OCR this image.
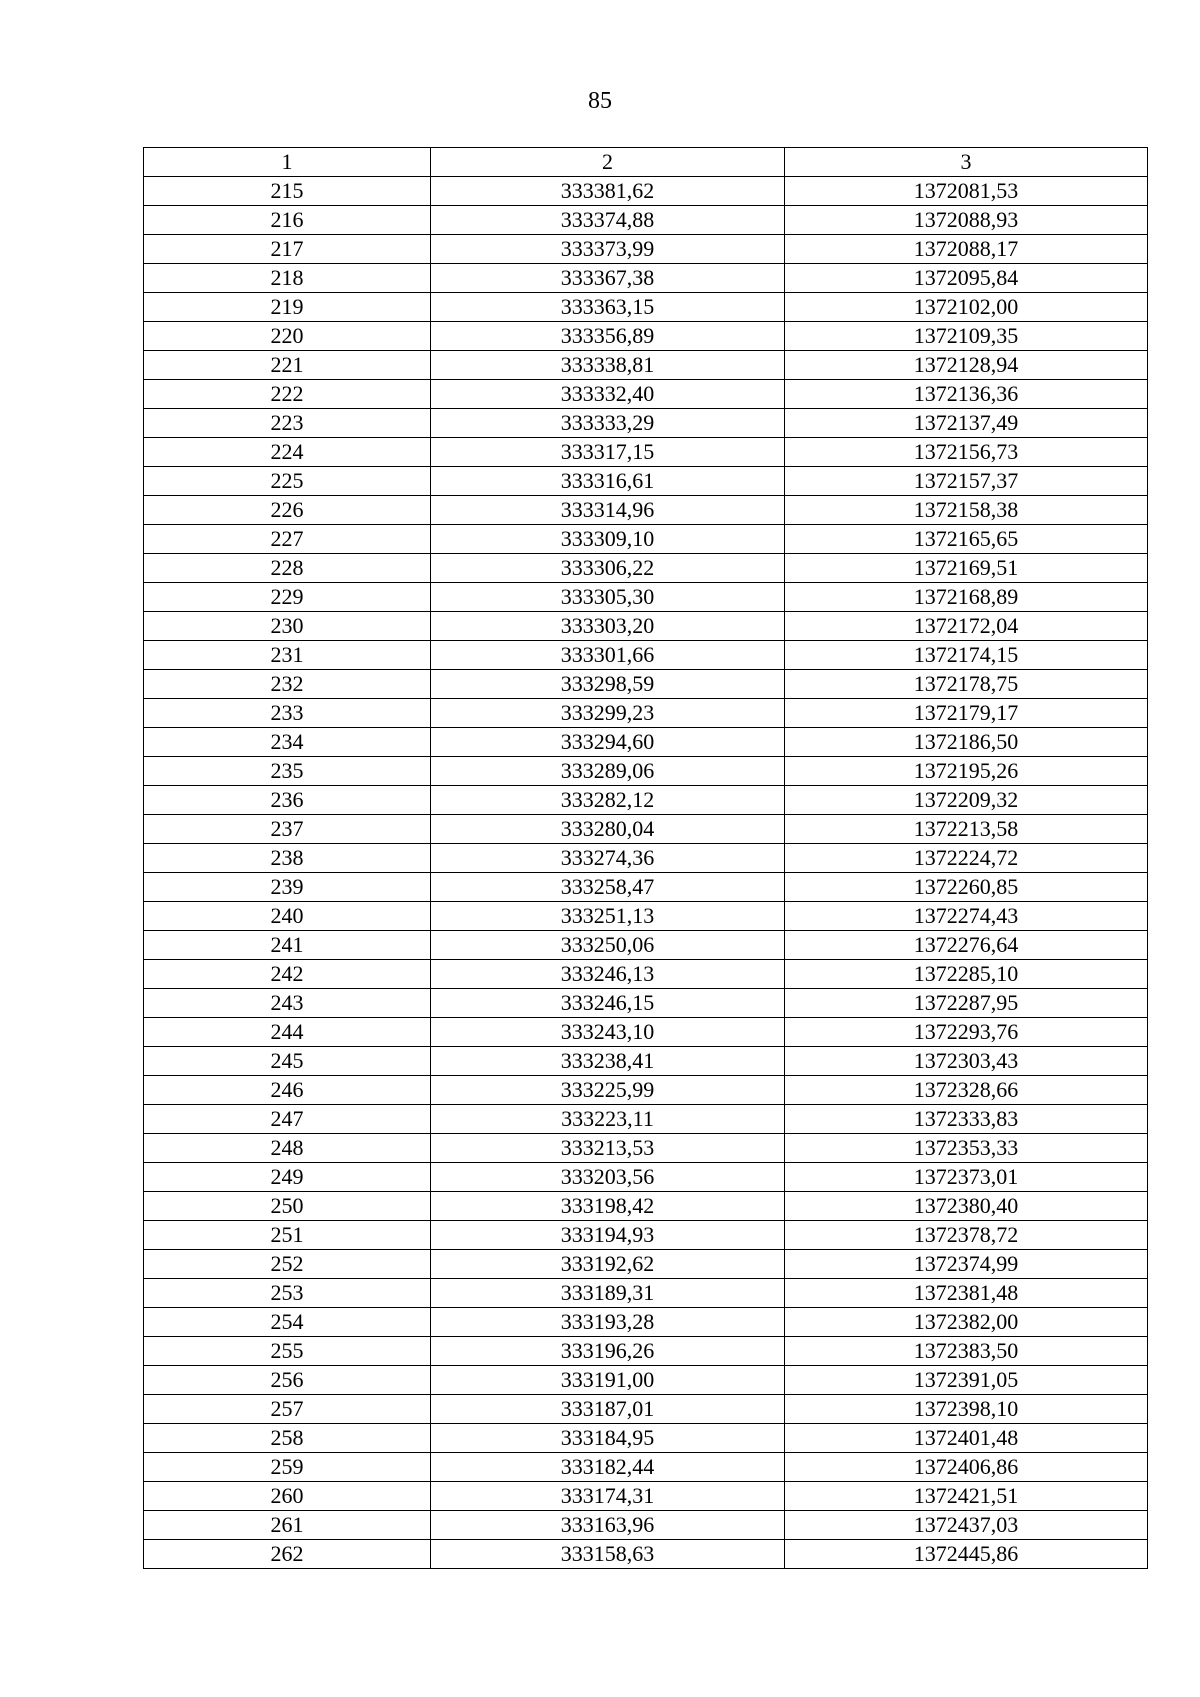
85
1	2	3
215	333381,62	1372081,53
216	333374,88	1372088,93
217	333373,99	1372088,17
218	333367,38	1372095,84
219	333363,15	1372102,00
220	333356,89	1372109,35
221	333338,81	1372128,94
222	333332,40	1372136,36
223	333333,29	1372137,49
224	333317,15	1372156,73
225	333316,61	1372157,37
226	333314,96	1372158,38
227	333309,10	1372165,65
228	333306,22	1372169,51
229	333305,30	1372168,89
230	333303,20	1372172,04
231	333301,66	1372174,15
232	333298,59	1372178,75
233	333299,23	1372179,17
234	333294,60	1372186,50
235	333289,06	1372195,26
236	333282,12	1372209,32
237	333280,04	1372213,58
238	333274,36	1372224,72
239	333258,47	1372260,85
240	333251,13	1372274,43
241	333250,06	1372276,64
242	333246,13	1372285,10
243	333246,15	1372287,95
244	333243,10	1372293,76
245	333238,41	1372303,43
246	333225,99	1372328,66
247	333223,11	1372333,83
248	333213,53	1372353,33
249	333203,56	1372373,01
250	333198,42	1372380,40
251	333194,93	1372378,72
252	333192,62	1372374,99
253	333189,31	1372381,48
254	333193,28	1372382,00
255	333196,26	1372383,50
256	333191,00	1372391,05
257	333187,01	1372398,10
258	333184,95	1372401,48
259	333182,44	1372406,86
260	333174,31	1372421,51
261	333163,96	1372437,03
262	333158,63	1372445,86
